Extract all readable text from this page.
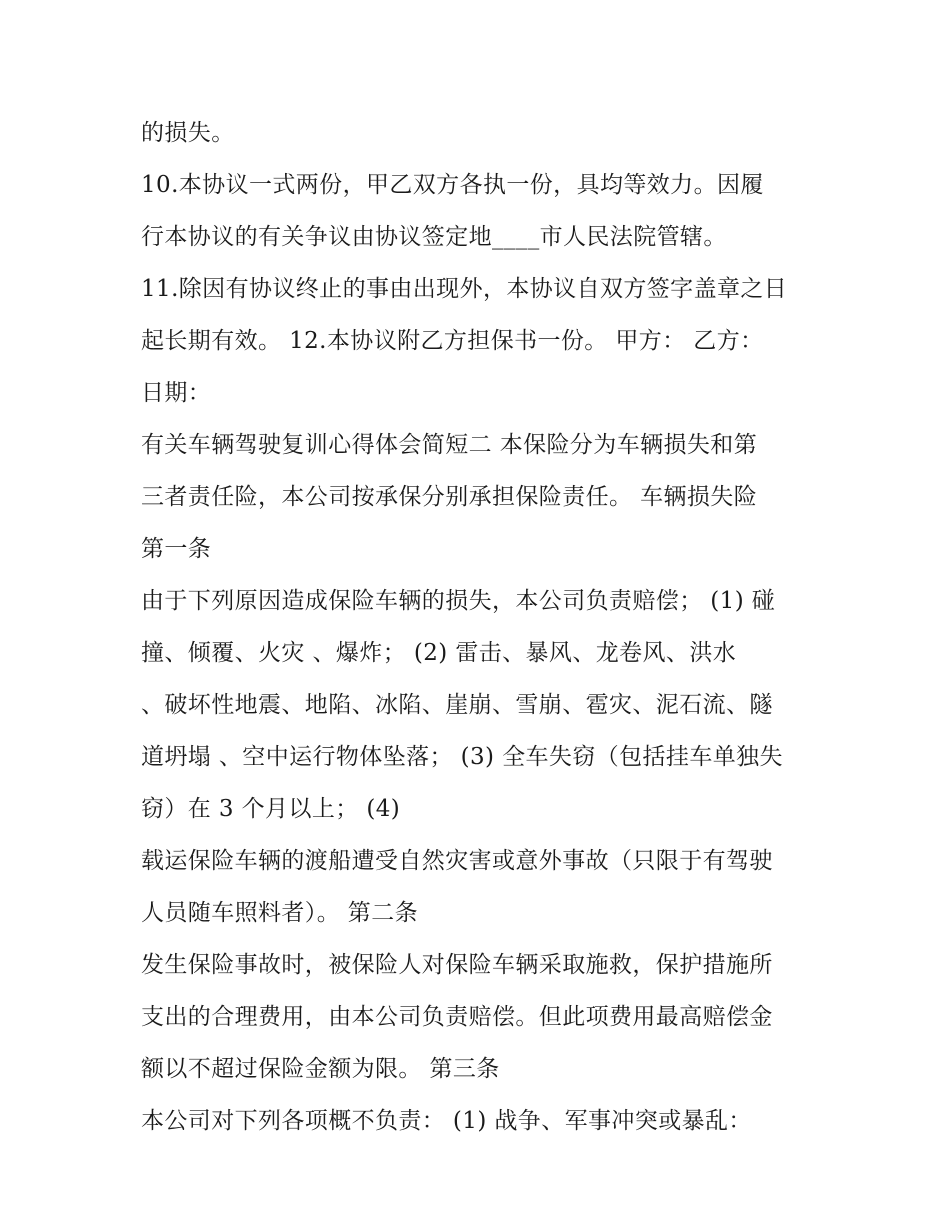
的损失。
10.本协议一式两份，甲乙双方各执一份，具均等效力。因履
行本协议的有关争议由协议签定地____市人民法院管辖。
11.除因有协议终止的事由出现外，本协议自双方签字盖章之日
起长期有效。 12.本协议附乙方担保书一份。 甲方： 乙方：
日期：
有关车辆驾驶复训心得体会简短二 本保险分为车辆损失和第
三者责任险，本公司按承保分别承担保险责任。 车辆损失险
第一条
由于下列原因造成保险车辆的损失，本公司负责赔偿； (1) 碰
撞、倾覆、火灾 、爆炸； (2) 雷击、暴风、龙卷风、洪水
、破坏性地震、地陷、冰陷、崖崩、雪崩、雹灾、泥石流、隧
道坍塌 、空中运行物体坠落； (3) 全车失窃（包括挂车单独失
窃）在 3 个月以上； (4)
载运保险车辆的渡船遭受自然灾害或意外事故（只限于有驾驶
人员随车照料者）。 第二条
发生保险事故时，被保险人对保险车辆采取施救，保护措施所
支出的合理费用，由本公司负责赔偿。但此项费用最高赔偿金
额以不超过保险金额为限。 第三条
本公司对下列各项概不负责： (1) 战争、军事冲突或暴乱：
